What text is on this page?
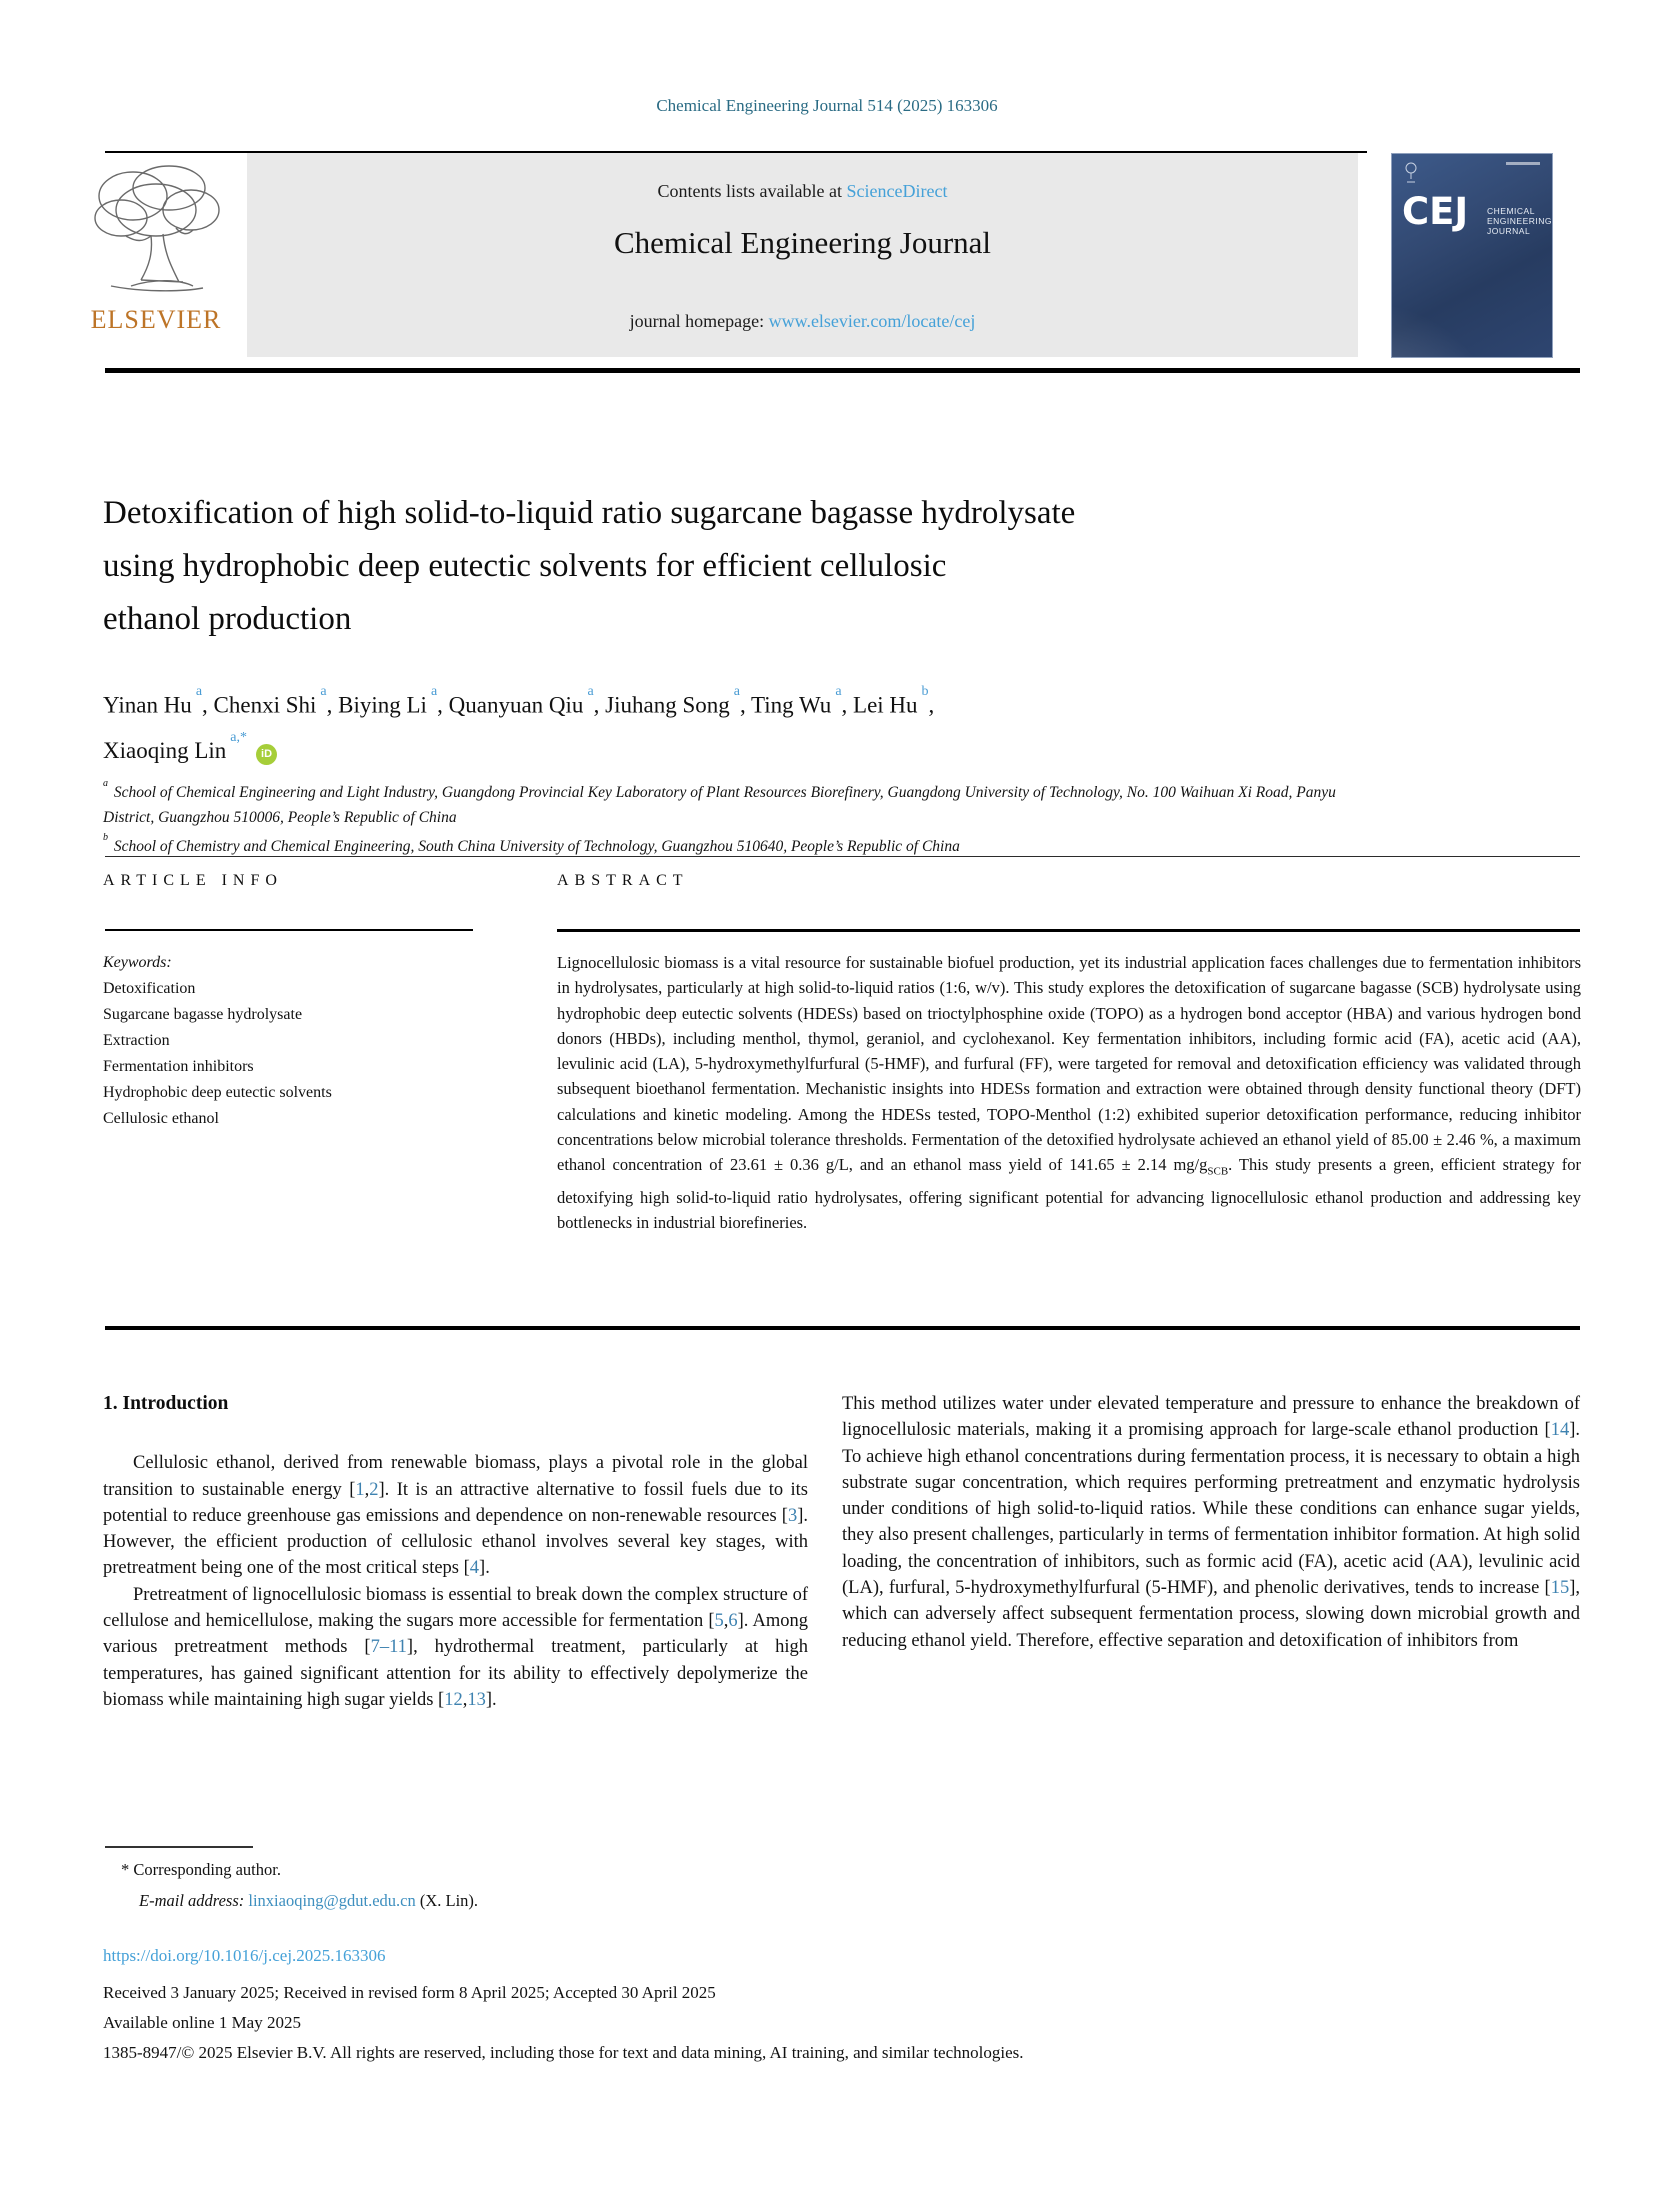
Chemical Engineering Journal 514 (2025) 163306
ELSEVIER
Contents lists available at ScienceDirect
Chemical Engineering Journal
journal homepage: www.elsevier.com/locate/cej
CEJ CHEMICAL
ENGINEERING
JOURNAL
Detoxification of high solid-to-liquid ratio sugarcane bagasse hydrolysate
using hydrophobic deep eutectic solvents for efficient cellulosic
ethanol production
Yinan Hu$^a$, Chenxi Shi$^a$, Biying Li$^a$, Quanyuan Qiu$^a$, Jiuhang Song$^a$, Ting Wu$^a$, Lei Hu$^b$,
Xiaoqing Lin$^{a,*}$iD
$^a$ School of Chemical Engineering and Light Industry, Guangdong Provincial Key Laboratory of Plant Resources Biorefinery, Guangdong University of Technology, No. 100 Waihuan Xi Road, Panyu District, Guangzhou 510006, People’s Republic of China
$^b$ School of Chemistry and Chemical Engineering, South China University of Technology, Guangzhou 510640, People’s Republic of China
ARTICLE INFO	ABSTRACT
Keywords:
Detoxification
Sugarcane bagasse hydrolysate
Extraction
Fermentation inhibitors
Hydrophobic deep eutectic solvents
Cellulosic ethanol
Lignocellulosic biomass is a vital resource for sustainable biofuel production, yet its industrial application faces challenges due to fermentation inhibitors in hydrolysates, particularly at high solid-to-liquid ratios (1:6, w/v). This study explores the detoxification of sugarcane bagasse (SCB) hydrolysate using hydrophobic deep eutectic solvents (HDESs) based on trioctylphosphine oxide (TOPO) as a hydrogen bond acceptor (HBA) and various hydrogen bond donors (HBDs), including menthol, thymol, geraniol, and cyclohexanol. Key fermentation inhibitors, including formic acid (FA), acetic acid (AA), levulinic acid (LA), 5-hydroxymethylfurfural (5-HMF), and furfural (FF), were targeted for removal and detoxification efficiency was validated through subsequent bioethanol fermentation. Mechanistic insights into HDESs formation and extraction were obtained through density functional theory (DFT) calculations and kinetic modeling. Among the HDESs tested, TOPO-Menthol (1:2) exhibited superior detoxification performance, reducing inhibitor concentrations below microbial tolerance thresholds. Fermentation of the detoxified hydrolysate achieved an ethanol yield of 85.00 ± 2.46 %, a maximum ethanol concentration of 23.61 ± 0.36 g/L, and an ethanol mass yield of 141.65 ± 2.14 $mg/g_{SCB}$. This study presents a green, efficient strategy for detoxifying high solid-to-liquid ratio hydrolysates, offering significant potential for advancing lignocellulosic ethanol production and addressing key bottlenecks in industrial biorefineries.
1. Introduction

Cellulosic ethanol, derived from renewable biomass, plays a pivotal role in the global transition to sustainable energy [1,2]. It is an attractive alternative to fossil fuels due to its potential to reduce greenhouse gas emissions and dependence on non-renewable resources [3]. However, the efficient production of cellulosic ethanol involves several key stages, with pretreatment being one of the most critical steps [4].

Pretreatment of lignocellulosic biomass is essential to break down the complex structure of cellulose and hemicellulose, making the sugars more accessible for fermentation [5,6]. Among various pretreatment methods [7–11], hydrothermal treatment, particularly at high temperatures, has gained significant attention for its ability to effectively depolymerize the biomass while maintaining high sugar yields [12,13].

This method utilizes water under elevated temperature and pressure to enhance the breakdown of lignocellulosic materials, making it a promising approach for large-scale ethanol production [14]. To achieve high ethanol concentrations during fermentation process, it is necessary to obtain a high substrate sugar concentration, which requires performing pretreatment and enzymatic hydrolysis under conditions of high solid-to-liquid ratios. While these conditions can enhance sugar yields, they also present challenges, particularly in terms of fermentation inhibitor formation. At high solid loading, the concentration of inhibitors, such as formic acid (FA), acetic acid (AA), levulinic acid (LA), furfural, 5-hydroxymethylfurfural (5-HMF), and phenolic derivatives, tends to increase [15], which can adversely affect subsequent fermentation process, slowing down microbial growth and reducing ethanol yield. Therefore, effective separation and detoxification of inhibitors from

* Corresponding author.
E-mail address: linxiaoqing@gdut.edu.cn (X. Lin).
https://doi.org/10.1016/j.cej.2025.163306
Received 3 January 2025; Received in revised form 8 April 2025; Accepted 30 April 2025
Available online 1 May 2025
1385-8947/© 2025 Elsevier B.V. All rights are reserved, including those for text and data mining, AI training, and similar technologies.
